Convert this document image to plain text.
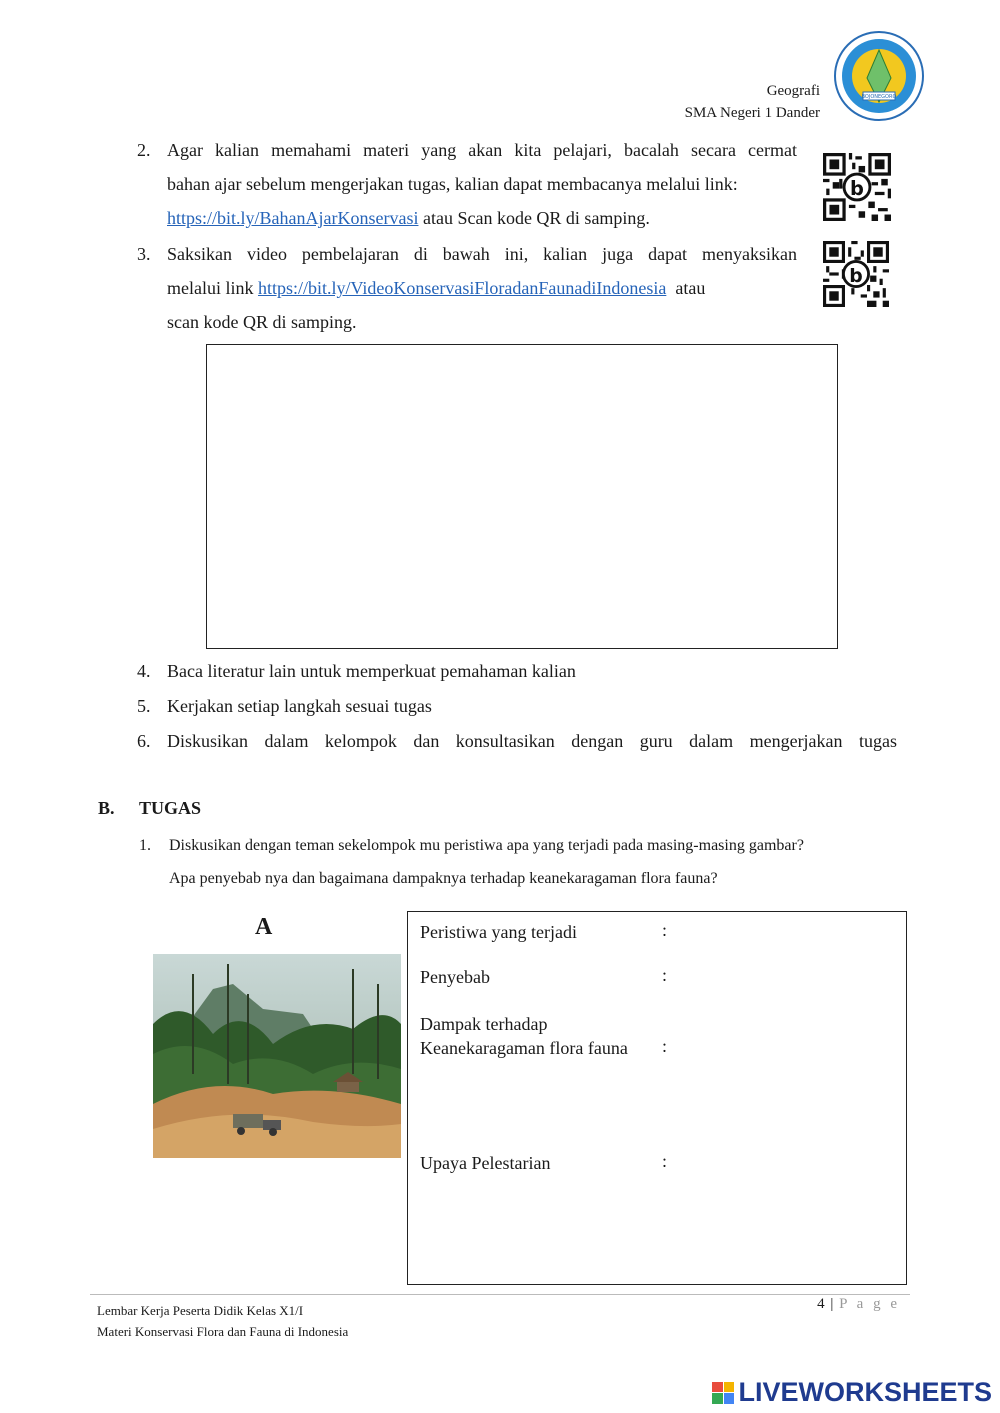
Geografi
SMA Negeri 1 Dander
BOJONEGORO
2. Agar kalian memahami materi yang akan kita pelajari, bacalah secara cermat
bahan ajar sebelum mengerjakan tugas, kalian dapat membacanya melalui link:
https://bit.ly/BahanAjarKonservasi atau Scan kode QR di samping.
b
3. Saksikan video pembelajaran di bawah ini, kalian juga dapat menyaksikan
melalui link https://bit.ly/VideoKonservasiFloradanFaunadiIndonesia  atau
scan kode QR di samping.
b
4. Baca literatur lain untuk memperkuat pemahaman kalian
5. Kerjakan setiap langkah sesuai tugas
6. Diskusikan dalam kelompok dan konsultasikan dengan guru dalam mengerjakan tugas
B. TUGAS
1. Diskusikan dengan teman sekelompok mu peristiwa apa yang terjadi pada masing-masing gambar?
Apa penyebab nya dan bagaimana dampaknya terhadap keanekaragaman flora fauna?
A	Peristiwa yang terjadi	:
Penyebab	:
Dampak terhadap
Keanekaragaman flora fauna :
Upaya Pelestarian	:
Lembar Kerja Peserta Didik Kelas X1/I
Materi Konservasi Flora dan Fauna di Indonesia
4 | P a g e
LIVEWORKSHEETS
